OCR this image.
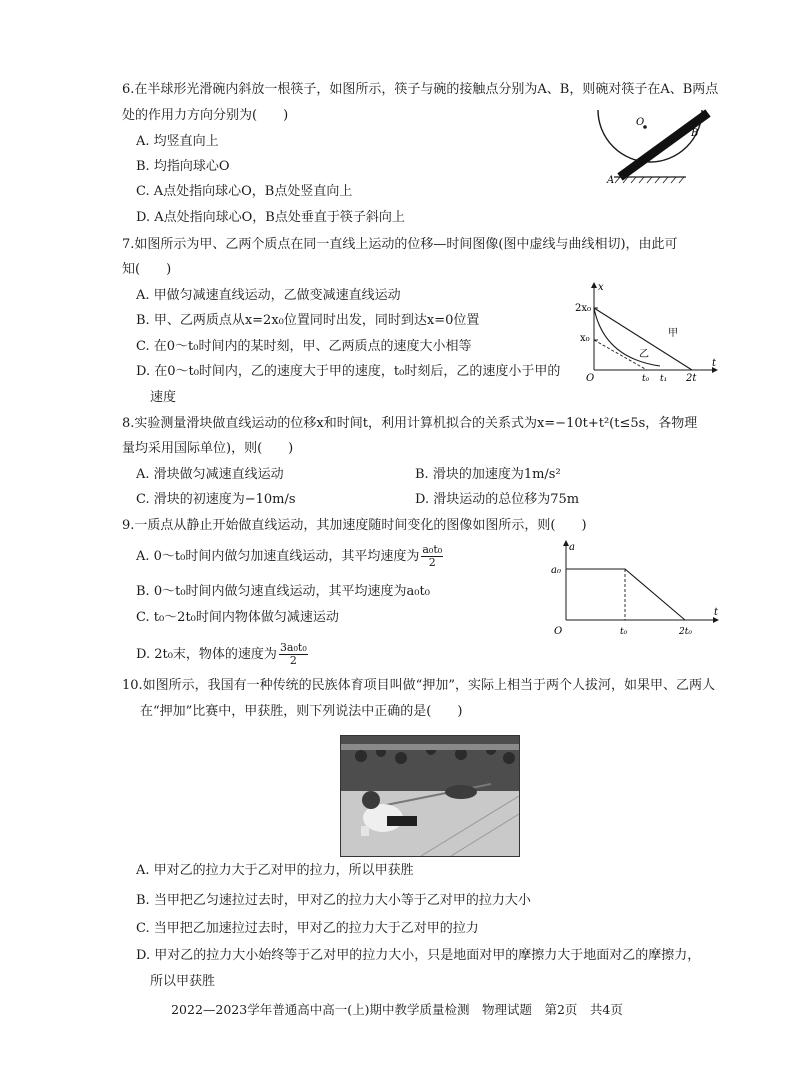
6.在半球形光滑碗内斜放一根筷子，如图所示，筷子与碗的接触点分别为A、B，则碗对筷子在A、B两点
处的作用力方向分别为(　　)
A. 均竖直向上
B. 均指向球心O
C. A点处指向球心O，B点处竖直向上
D. A点处指向球心O，B点处垂直于筷子斜向上
O
B
A
7.如图所示为甲、乙两个质点在同一直线上运动的位移—时间图像(图中虚线与曲线相切)，由此可
知(　　)
A. 甲做匀减速直线运动，乙做变减速直线运动
B. 甲、乙两质点从x=2x₀位置同时出发，同时到达x=0位置
C. 在0～t₀时间内的某时刻，甲、乙两质点的速度大小相等
D. 在0～t₀时间内，乙的速度大于甲的速度，t₀时刻后，乙的速度小于甲的
速度
x
t
2x₀
x₀
O
甲
乙
t₀ t₁ 2t
8.实验测量滑块做直线运动的位移x和时间t，利用计算机拟合的关系式为x=−10t+t²(t≤5s，各物理
量均采用国际单位)，则(　　)
A. 滑块做匀减速直线运动	B. 滑块的加速度为1m/s²
C. 滑块的初速度为−10m/s	D. 滑块运动的总位移为75m
9.一质点从静止开始做直线运动，其加速度随时间变化的图像如图所示，则(　　)
A. 0～t₀时间内做匀加速直线运动，其平均速度为 $\frac{\text{a₀t₀}}{2}$
B. 0～t₀时间内做匀速直线运动，其平均速度为a₀t₀
C. t₀～2t₀时间内物体做匀减速运动
D. 2t₀末，物体的速度为 $\frac{\text{3a₀t₀}}{2}$
a
t
a₀
O	t₀	2t₀
10.如图所示，我国有一种传统的民族体育项目叫做“押加”，实际上相当于两个人拔河，如果甲、乙两人
在“押加”比赛中，甲获胜，则下列说法中正确的是(　　)
A. 甲对乙的拉力大于乙对甲的拉力，所以甲获胜
B. 当甲把乙匀速拉过去时，甲对乙的拉力大小等于乙对甲的拉力大小
C. 当甲把乙加速拉过去时，甲对乙的拉力大于乙对甲的拉力
D. 甲对乙的拉力大小始终等于乙对甲的拉力大小，只是地面对甲的摩擦力大于地面对乙的摩擦力，
所以甲获胜
2022—2023学年普通高中高一(上)期中教学质量检测　物理试题　第2页　共4页
